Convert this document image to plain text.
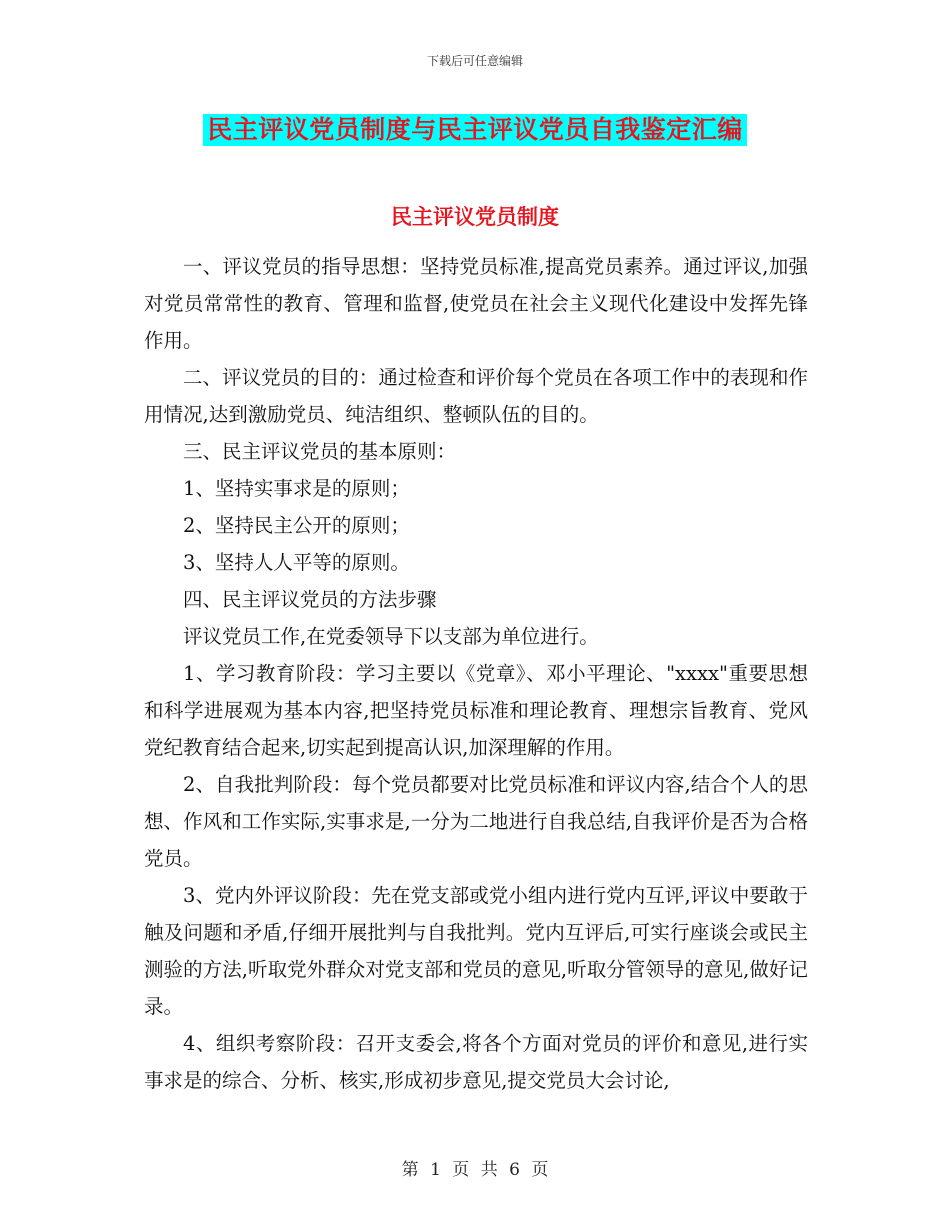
下载后可任意编辑
民主评议党员制度与民主评议党员自我鉴定汇编
民主评议党员制度

一、评议党员的指导思想：坚持党员标准,提高党员素养。通过评议,加强对党员常常性的教育、管理和监督,使党员在社会主义现代化建设中发挥先锋作用。

二、评议党员的目的：通过检查和评价每个党员在各项工作中的表现和作用情况,达到激励党员、纯洁组织、整顿队伍的目的。

三、民主评议党员的基本原则：

1、坚持实事求是的原则；

2、坚持民主公开的原则；

3、坚持人人平等的原则。

四、民主评议党员的方法步骤

评议党员工作,在党委领导下以支部为单位进行。

1、学习教育阶段：学习主要以《党章》、邓小平理论、"xxxx"重要思想和科学进展观为基本内容,把坚持党员标准和理论教育、理想宗旨教育、党风党纪教育结合起来,切实起到提高认识,加深理解的作用。

2、自我批判阶段：每个党员都要对比党员标准和评议内容,结合个人的思想、作风和工作实际,实事求是,一分为二地进行自我总结,自我评价是否为合格党员。

3、党内外评议阶段：先在党支部或党小组内进行党内互评,评议中要敢于触及问题和矛盾,仔细开展批判与自我批判。党内互评后,可实行座谈会或民主测验的方法,听取党外群众对党支部和党员的意见,听取分管领导的意见,做好记录。

4、组织考察阶段：召开支委会,将各个方面对党员的评价和意见,进行实事求是的综合、分析、核实,形成初步意见,提交党员大会讨论,

第 1 页 共 6 页
